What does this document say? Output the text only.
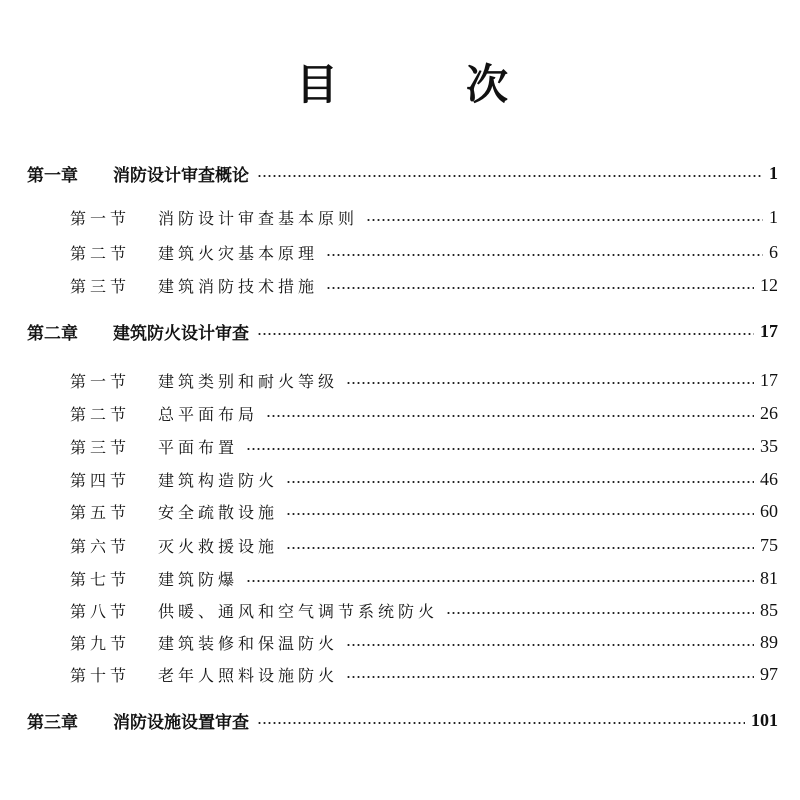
目	次
第一章 消防设计审查概论	1
第一节 消防设计审查基本原则	1
第二节 建筑火灾基本原理	6
第三节 建筑消防技术措施	12
第二章 建筑防火设计审查	17
第一节 建筑类别和耐火等级	17
第二节 总平面布局	26
第三节 平面布置	35
第四节 建筑构造防火	46
第五节 安全疏散设施	60
第六节 灭火救援设施	75
第七节 建筑防爆	81
第八节 供暖、通风和空气调节系统防火	85
第九节 建筑装修和保温防火	89
第十节 老年人照料设施防火	97
第三章 消防设施设置审查	101
